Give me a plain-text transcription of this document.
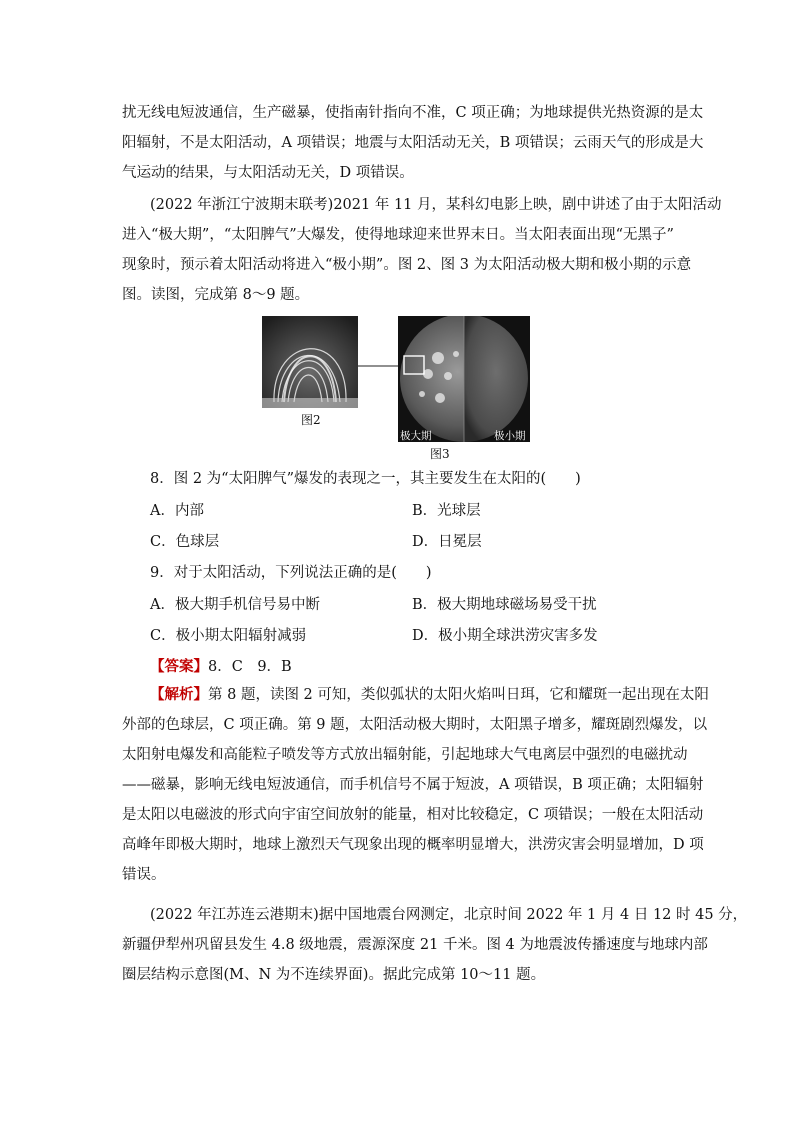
扰无线电短波通信，生产磁暴，使指南针指向不准，C 项正确；为地球提供光热资源的是太
阳辐射，不是太阳活动，A 项错误；地震与太阳活动无关，B 项错误；云雨天气的形成是大
气运动的结果，与太阳活动无关，D 项错误。
(2022 年浙江宁波期末联考)2021 年 11 月，某科幻电影上映，剧中讲述了由于太阳活动
进入“极大期”，“太阳脾气”大爆发，使得地球迎来世界末日。当太阳表面出现“无黑子”
现象时，预示着太阳活动将进入“极小期”。图 2、图 3 为太阳活动极大期和极小期的示意
图。读图，完成第 8～9 题。
图2
极大期	极小期
图3
8．图 2 为“太阳脾气”爆发的表现之一，其主要发生在太阳的(　　)
A．内部	B．光球层
C．色球层	D．日冕层
9．对于太阳活动，下列说法正确的是(　　)
A．极大期手机信号易中断	B．极大期地球磁场易受干扰
C．极小期太阳辐射减弱	D．极小期全球洪涝灾害多发
【答案】8．C　9．B
【解析】第 8 题，读图 2 可知，类似弧状的太阳火焰叫日珥，它和耀斑一起出现在太阳
外部的色球层，C 项正确。第 9 题，太阳活动极大期时，太阳黑子增多，耀斑剧烈爆发，以
太阳射电爆发和高能粒子喷发等方式放出辐射能，引起地球大气电离层中强烈的电磁扰动
——磁暴，影响无线电短波通信，而手机信号不属于短波，A 项错误，B 项正确；太阳辐射
是太阳以电磁波的形式向宇宙空间放射的能量，相对比较稳定，C 项错误；一般在太阳活动
高峰年即极大期时，地球上激烈天气现象出现的概率明显增大，洪涝灾害会明显增加，D 项
错误。
(2022 年江苏连云港期末)据中国地震台网测定，北京时间 2022 年 1 月 4 日 12 时 45 分，
新疆伊犁州巩留县发生 4.8 级地震，震源深度 21 千米。图 4 为地震波传播速度与地球内部
圈层结构示意图(M、N 为不连续界面)。据此完成第 10～11 题。
